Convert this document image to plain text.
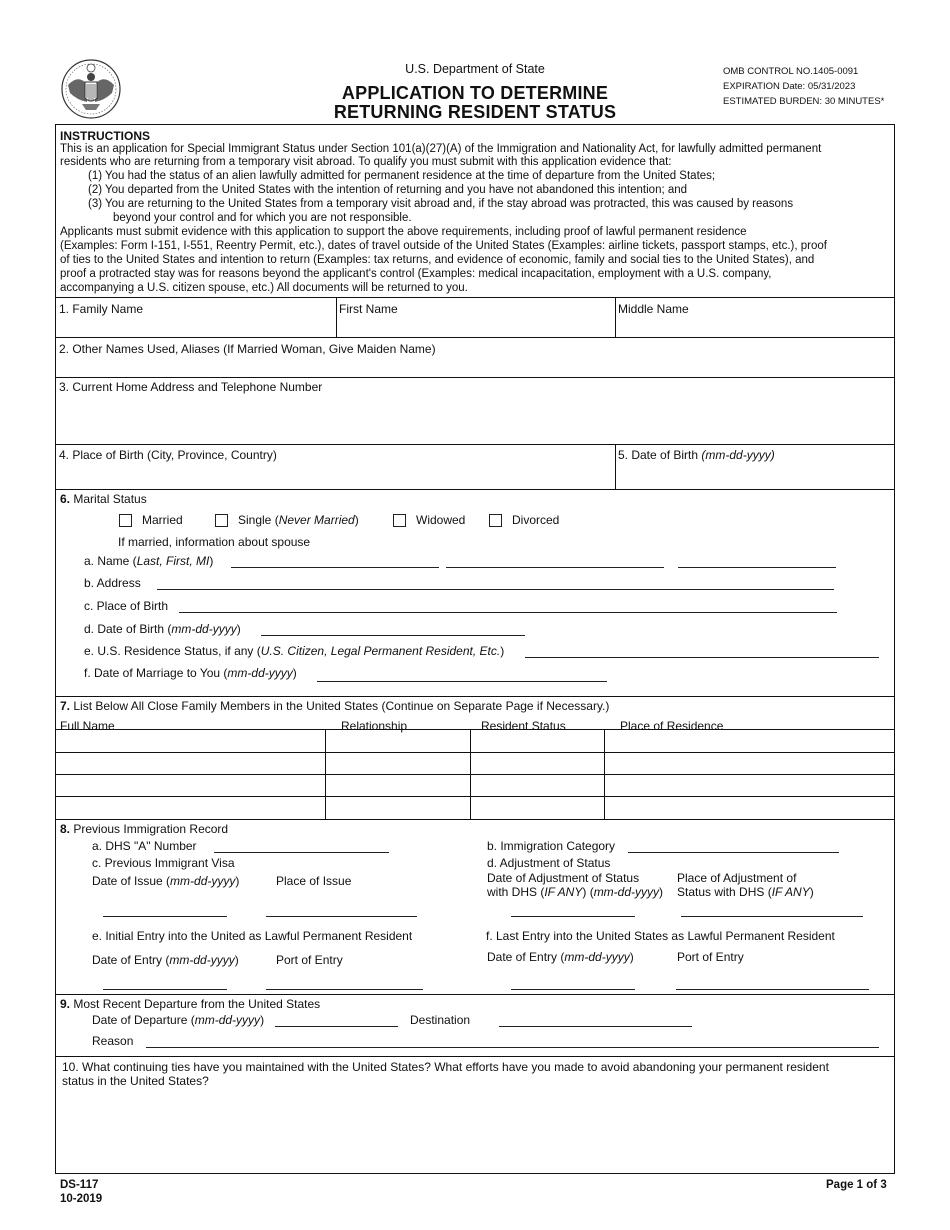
U.S. Department of State
APPLICATION TO DETERMINE
RETURNING RESIDENT STATUS
OMB CONTROL NO.1405-0091
EXPIRATION Date: 05/31/2023
ESTIMATED BURDEN: 30 MINUTES*
INSTRUCTIONS
This is an application for Special Immigrant Status under Section 101(a)(27)(A) of the Immigration and Nationality Act, for lawfully admitted permanent
residents who are returning from a temporary visit abroad. To qualify you must submit with this application evidence that:
(1) You had the status of an alien lawfully admitted for permanent residence at the time of departure from the United States;
(2) You departed from the United States with the intention of returning and you have not abandoned this intention; and
(3) You are returning to the United States from a temporary visit abroad and, if the stay abroad was protracted, this was caused by reasons
beyond your control and for which you are not responsible.
Applicants must submit evidence with this application to support the above requirements, including proof of lawful permanent residence
(Examples: Form I-151, I-551, Reentry Permit, etc.), dates of travel outside of the United States (Examples: airline tickets, passport stamps, etc.), proof
of ties to the United States and intention to return (Examples: tax returns, and evidence of economic, family and social ties to the United States), and
proof a protracted stay was for reasons beyond the applicant's control (Examples: medical incapacitation, employment with a U.S. company,
accompanying a U.S. citizen spouse, etc.) All documents will be returned to you.
1. Family Name	First Name	Middle Name
2. Other Names Used, Aliases (If Married Woman, Give Maiden Name)
3. Current Home Address and Telephone Number
4. Place of Birth (City, Province, Country)	5. Date of Birth (mm-dd-yyyy)
6. Marital Status
Married	Single (Never Married)	Widowed	Divorced
If married, information about spouse
a. Name (Last, First, MI)
b. Address
c. Place of Birth
d. Date of Birth (mm-dd-yyyy)
e. U.S. Residence Status, if any (U.S. Citizen, Legal Permanent Resident, Etc.)
f. Date of Marriage to You (mm-dd-yyyy)
7. List Below All Close Family Members in the United States (Continue on Separate Page if Necessary.)
Full Name	Relationship	Resident Status	Place of Residence
8. Previous Immigration Record
a. DHS "A" Number	b. Immigration Category
c. Previous Immigrant Visa	d. Adjustment of Status
Date of Issue (mm-dd-yyyy)	Place of Issue	Date of Adjustment of Status
with DHS (IF ANY) (mm-dd-yyyy)
Place of Adjustment of
Status with DHS (IF ANY)
e. Initial Entry into the United as Lawful Permanent Resident	f. Last Entry into the United States as Lawful Permanent Resident
Date of Entry (mm-dd-yyyy)	Port of Entry	Date of Entry (mm-dd-yyyy)	Port of Entry
9. Most Recent Departure from the United States
Date of Departure (mm-dd-yyyy)	Destination
Reason
10. What continuing ties have you maintained with the United States? What efforts have you made to avoid abandoning your permanent resident
status in the United States?
DS-117
10-2019
Page 1 of 3
